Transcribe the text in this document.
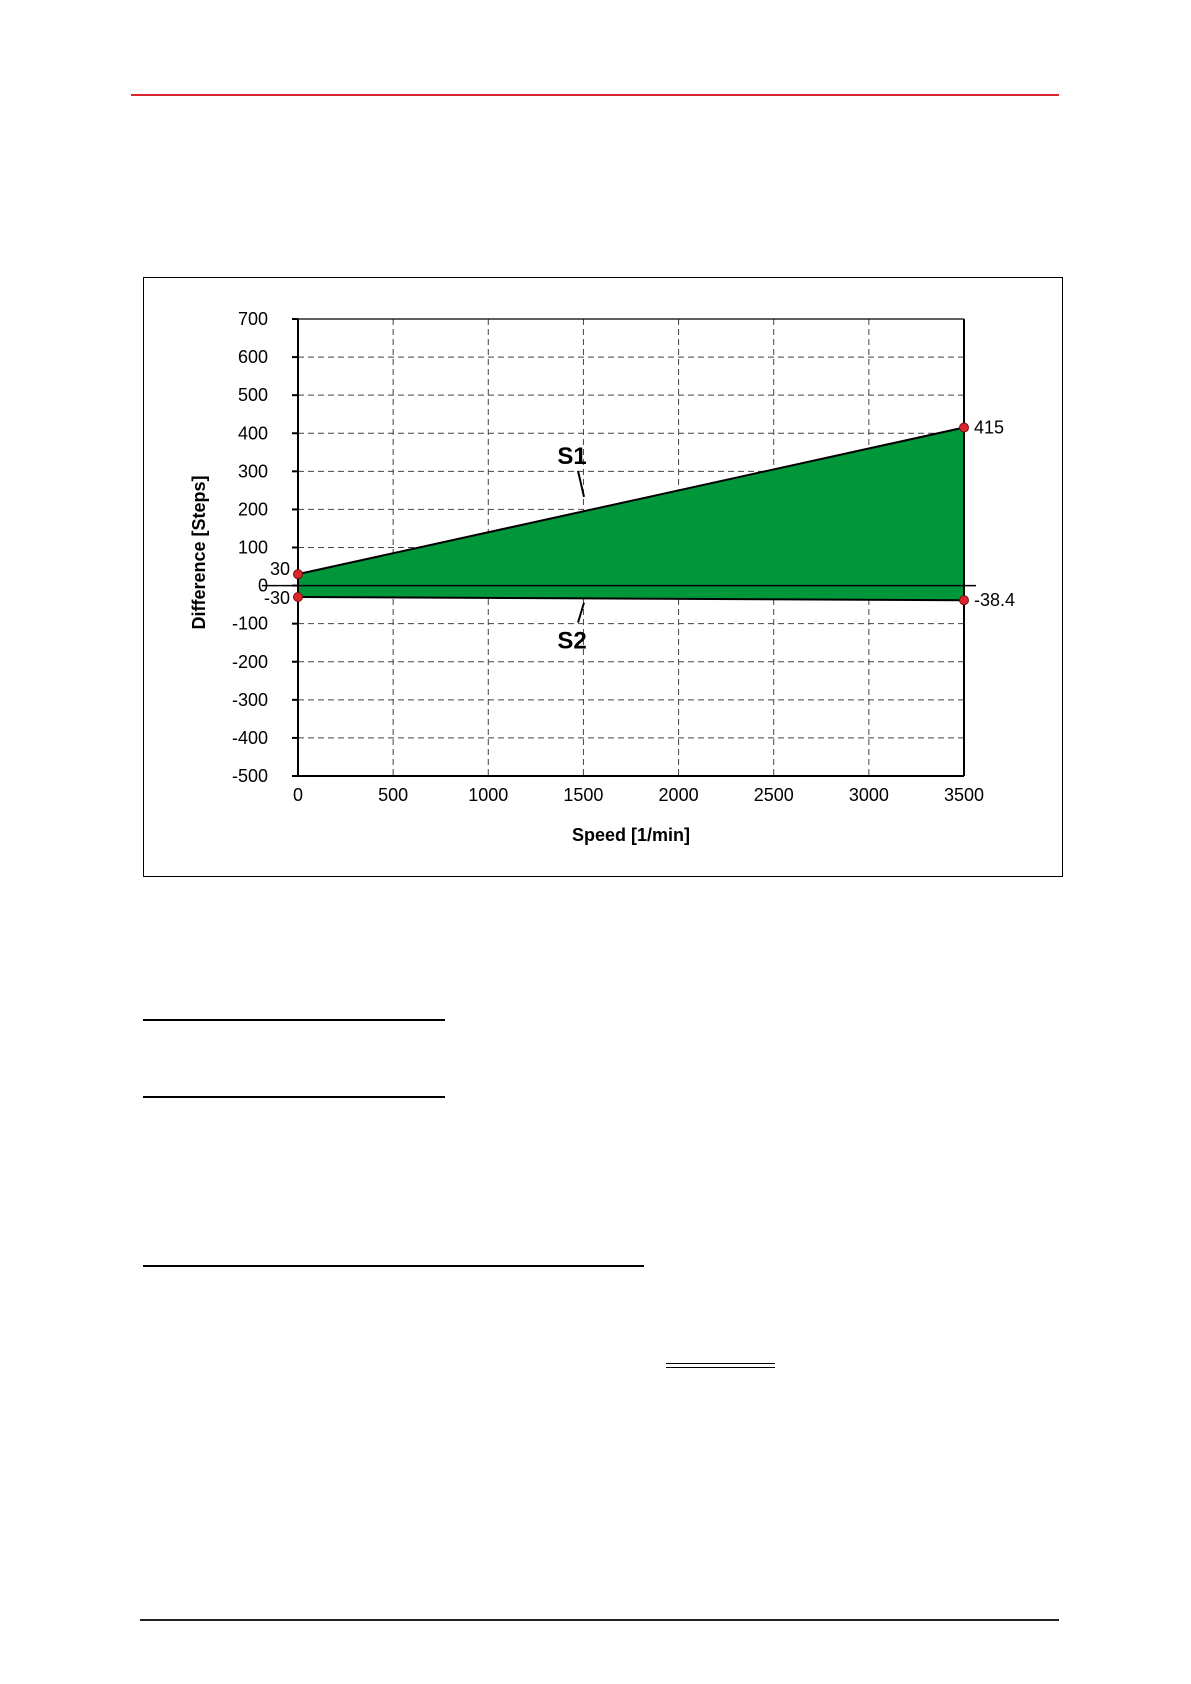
S1
S2
0	500	1000	1500	2000	2500	3000	3500
700
600
500
400
300
200
100
0
-100
-200
-300
-400
-500
30
-30
415
-38.4
Speed [1/min]
Difference [Steps]
